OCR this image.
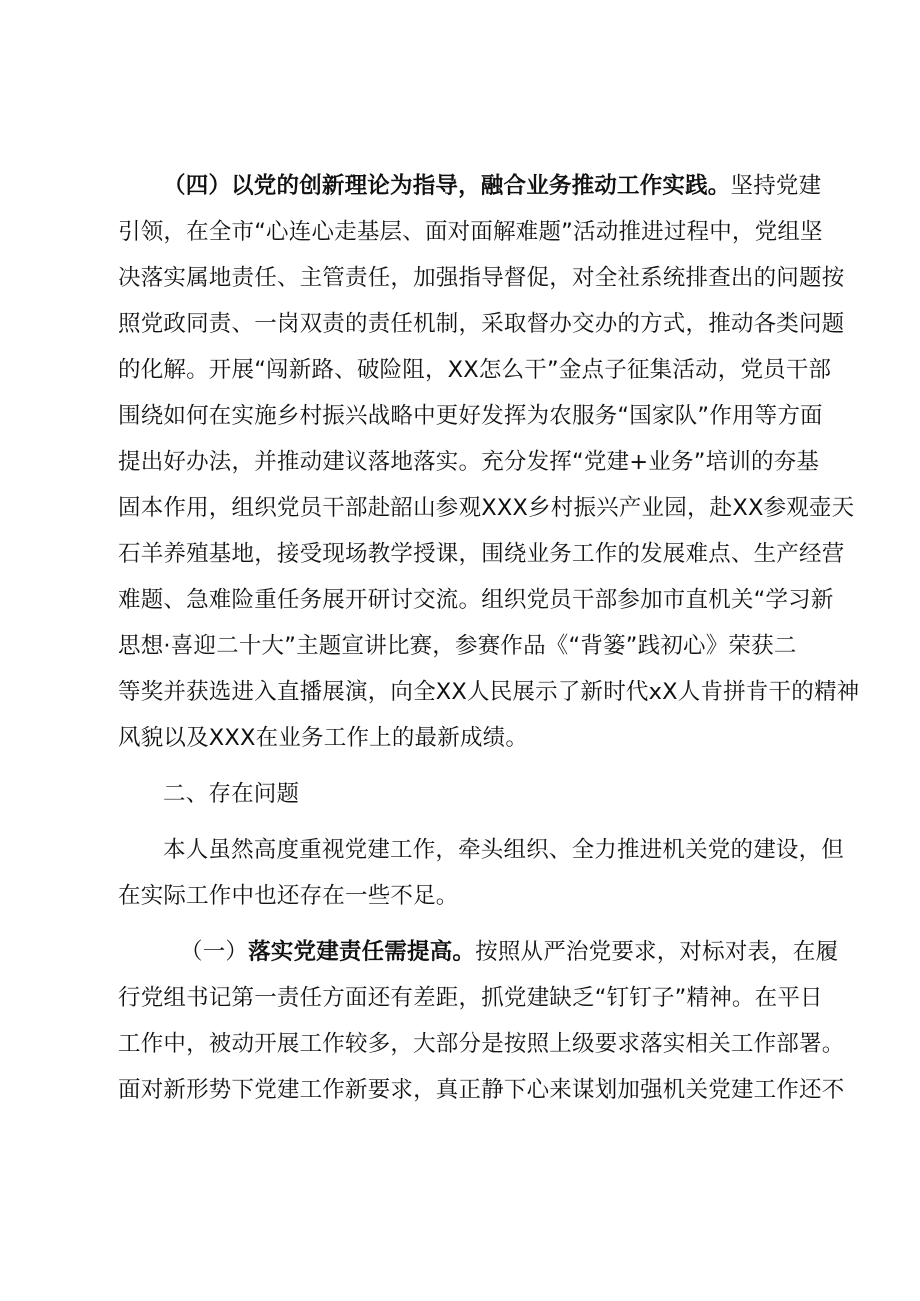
（四）以党的创新理论为指导，融合业务推动工作实践。坚持党建
引领，在全市“心连心走基层、面对面解难题”活动推进过程中，党组坚
决落实属地责任、主管责任，加强指导督促，对全社系统排查出的问题按
照党政同责、一岗双责的责任机制，采取督办交办的方式，推动各类问题
的化解。开展“闯新路、破险阻，XX怎么干”金点子征集活动，党员干部
围绕如何在实施乡村振兴战略中更好发挥为农服务“国家队”作用等方面
提出好办法，并推动建议落地落实。充分发挥“党建+业务”培训的夯基
固本作用，组织党员干部赴韶山参观XXX乡村振兴产业园，赴XX参观壶天
石羊养殖基地，接受现场教学授课，围绕业务工作的发展难点、生产经营
难题、急难险重任务展开研讨交流。组织党员干部参加市直机关“学习新
思想·喜迎二十大”主题宣讲比赛，参赛作品《“背篓”践初心》荣获二
等奖并获选进入直播展演，向全XX人民展示了新时代xX人肯拼肯干的精神
风貌以及XXX在业务工作上的最新成绩。
二、存在问题
本人虽然高度重视党建工作，牵头组织、全力推进机关党的建设，但
在实际工作中也还存在一些不足。
（一）落实党建责任需提高。按照从严治党要求，对标对表，在履
行党组书记第一责任方面还有差距，抓党建缺乏“钉钉子”精神。在平日
工作中，被动开展工作较多，大部分是按照上级要求落实相关工作部署。
面对新形势下党建工作新要求，真正静下心来谋划加强机关党建工作还不
